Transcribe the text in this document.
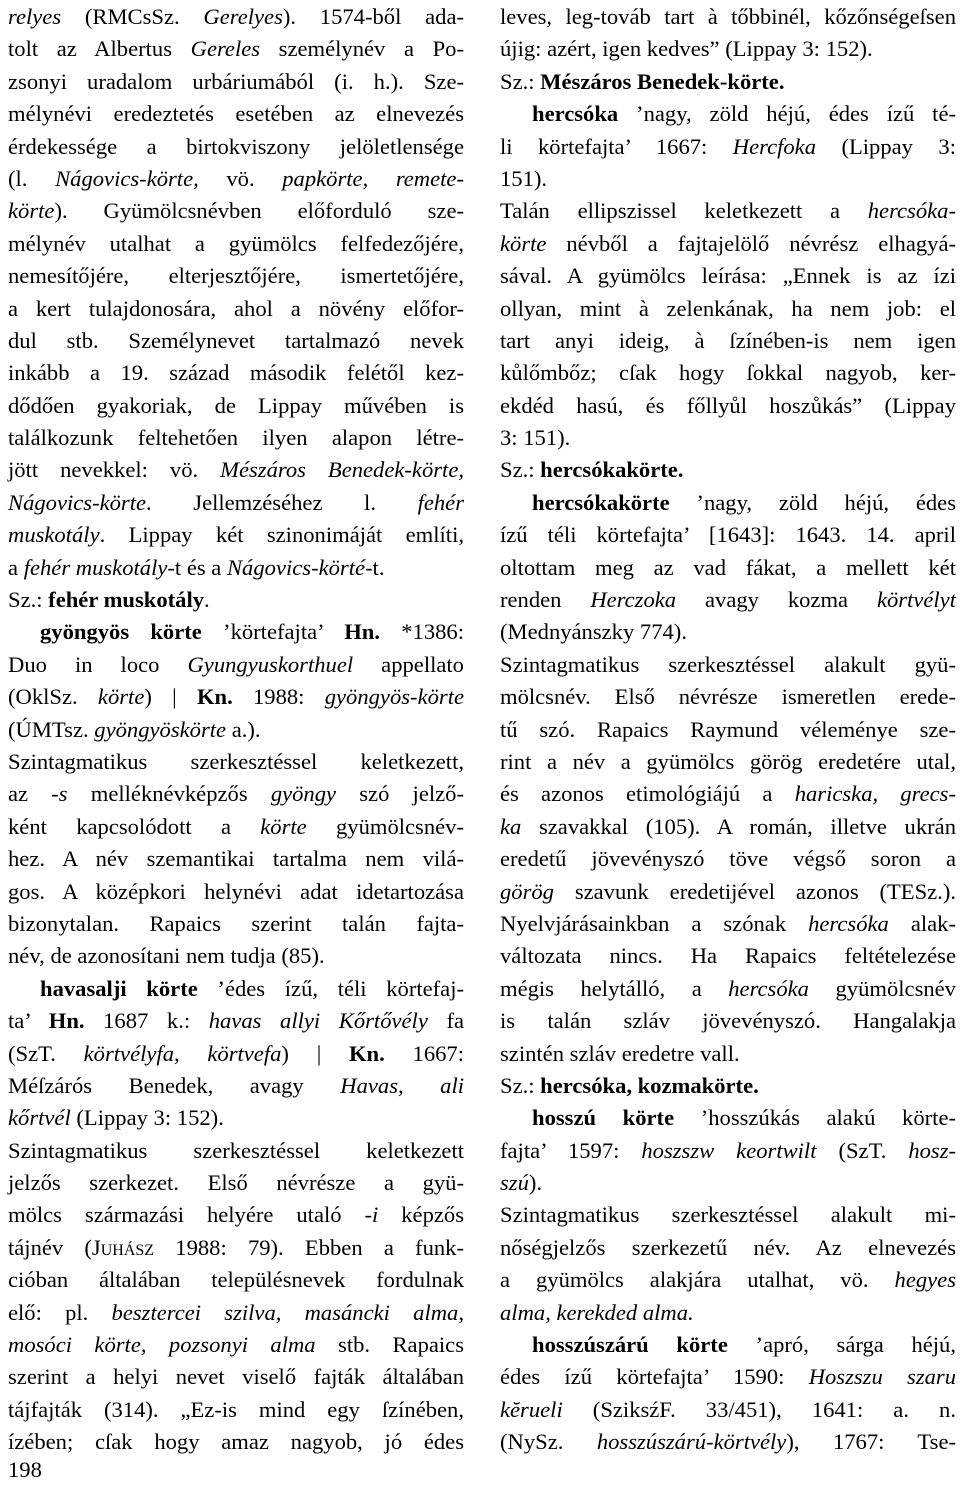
relyes (RMCsSz. Gerelyes). 1574-ből ada-
tolt az Albertus Gereles személynév a Po-
zsonyi uradalom urbáriumából (i. h.). Sze-
mélynévi eredeztetés esetében az elnevezés
érdekessége a birtokviszony jelöletlensége
(l. Nágovics-körte, vö. papkörte, remete-
körte). Gyümölcsnévben előforduló sze-
mélynév utalhat a gyümölcs felfedezőjére,
nemesítőjére, elterjesztőjére, ismertetőjére,
a kert tulajdonosára, ahol a növény előfor-
dul stb. Személynevet tartalmazó nevek
inkább a 19. század második felétől kez-
dődően gyakoriak, de Lippay művében is
találkozunk feltehetően ilyen alapon létre-
jött nevekkel: vö. Mészáros Benedek-körte,
Nágovics-körte. Jellemzéséhez l. fehér
muskotály. Lippay két szinonimáját említi,
a fehér muskotály-t és a Nágovics-körté-t.
Sz.: fehér muskotály.
gyöngyös körte ’körtefajta’ Hn. *1386:
Duo in loco Gyungyuskorthuel appellato
(OklSz. körte) | Kn. 1988: gyöngyös-körte
(ÚMTsz. gyöngyöskörte a.).
Szintagmatikus szerkesztéssel keletkezett,
az -s melléknévképzős gyöngy szó jelző-
ként kapcsolódott a körte gyümölcsnév-
hez. A név szemantikai tartalma nem vilá-
gos. A középkori helynévi adat idetartozása
bizonytalan. Rapaics szerint talán fajta-
név, de azonosítani nem tudja (85).
havasalji körte ’édes ízű, téli körtefaj-
ta’ Hn. 1687 k.: havas allyi Kőrtővély fa
(SzT. körtvélyfa, körtvefa) | Kn. 1667:
Méſzárós Benedek, avagy Havas, ali
kőrtvél (Lippay 3: 152).
Szintagmatikus szerkesztéssel keletkezett
jelzős szerkezet. Első névrésze a gyü-
mölcs származási helyére utaló -i képzős
tájnév (Juhász 1988: 79). Ebben a funk-
cióban általában településnevek fordulnak
elő: pl. besztercei szilva, masáncki alma,
mosóci körte, pozsonyi alma stb. Rapaics
szerint a helyi nevet viselő fajták általában
tájfajták (314). „Ez-is mind egy ſzínében,
ízében; cſak hogy amaz nagyob, jó édes
leves, leg-továb tart à tőbbinél, kőzőnségeſsen
újig: azért, igen kedves” (Lippay 3: 152).
Sz.: Mészáros Benedek-körte.
hercsóka ’nagy, zöld héjú, édes ízű té-
li körtefajta’ 1667: Hercfoka (Lippay 3:
151).
Talán ellipszissel keletkezett a hercsóka-
körte névből a fajtajelölő névrész elhagyá-
sával. A gyümölcs leírása: „Ennek is az ízi
ollyan, mint à zelenkának, ha nem job: el
tart anyi ideig, à ſzínében-is nem igen
kůlőmbőz; cſak hogy ſokkal nagyob, ker-
ekdéd hasú, és főllyůl hoszůkás” (Lippay
3: 151).
Sz.: hercsókakörte.
hercsókakörte ’nagy, zöld héjú, édes
ízű téli körtefajta’ [1643]: 1643. 14. april
oltottam meg az vad fákat, a mellett két
renden Herczoka avagy kozma körtvélyt
(Mednyánszky 774).
Szintagmatikus szerkesztéssel alakult gyü-
mölcsnév. Első névrésze ismeretlen erede-
tű szó. Rapaics Raymund véleménye sze-
rint a név a gyümölcs görög eredetére utal,
és azonos etimológiájú a haricska, grecs-
ka szavakkal (105). A román, illetve ukrán
eredetű jövevényszó töve végső soron a
görög szavunk eredetijével azonos (TESz.).
Nyelvjárásainkban a szónak hercsóka alak-
változata nincs. Ha Rapaics feltételezése
mégis helytálló, a hercsóka gyümölcsnév
is talán szláv jövevényszó. Hangalakja
szintén szláv eredetre vall.
Sz.: hercsóka, kozmakörte.
hosszú körte ’hosszúkás alakú körte-
fajta’ 1597: hoszszw keortwilt (SzT. hosz-
szú).
Szintagmatikus szerkesztéssel alakult mi-
nőségjelzős szerkezetű név. Az elnevezés
a gyümölcs alakjára utalhat, vö. hegyes
alma, kerekded alma.
hosszúszárú körte ’apró, sárga héjú,
édes ízű körtefajta’ 1590: Hoszszu szaru
kĕrueli (SziksźF. 33/451), 1641: a. n.
(NySz. hosszúszárú-körtvély), 1767: Tse-
198
